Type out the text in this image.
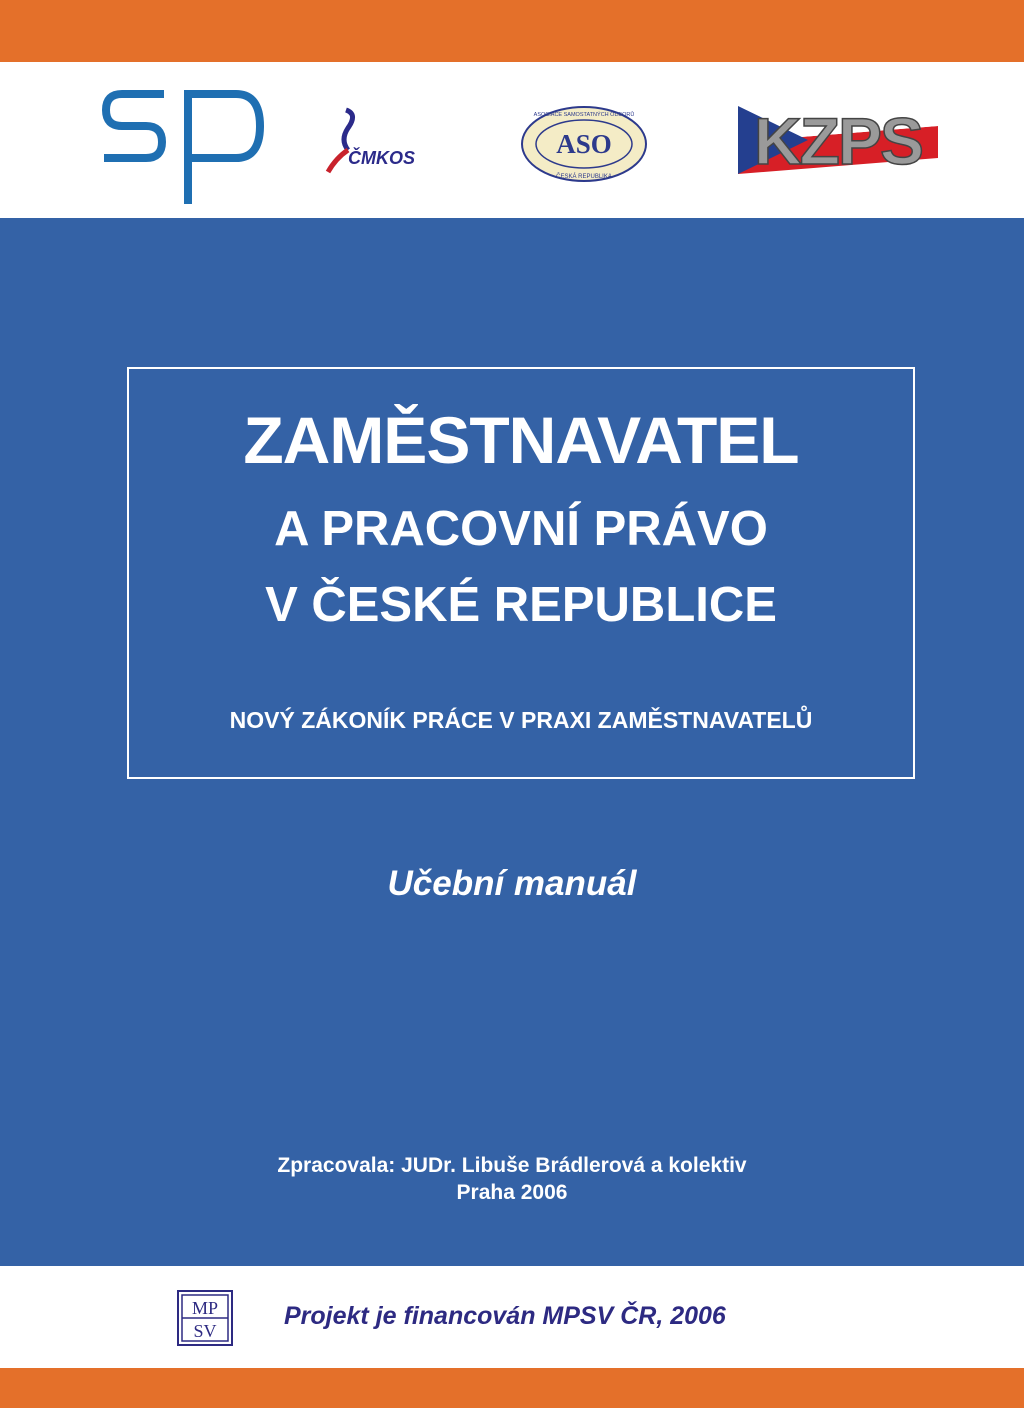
ČMKOS	ASO
ASOCIACE SAMOSTATNÝCH ODBORŮ
ČESKÁ REPUBLIKA KZPS
ZAMĚSTNAVATEL
A PRACOVNÍ PRÁVO
V ČESKÉ REPUBLICE
NOVÝ ZÁKONÍK PRÁCE V PRAXI ZAMĚSTNAVATELŮ
Učební manuál
Zpracovala: JUDr. Libuše Brádlerová a kolektiv
Praha 2006
MP
SV
Projekt je financován MPSV ČR, 2006
